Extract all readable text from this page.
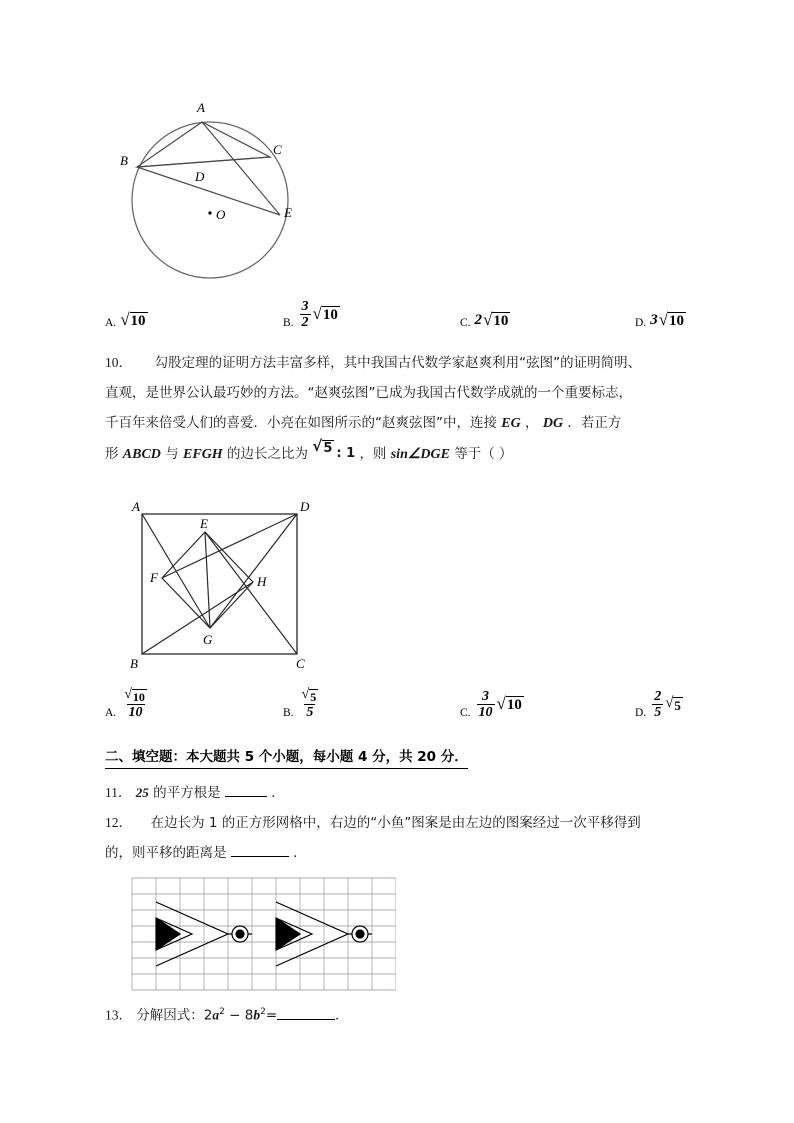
A
B
C
D
O	E
A. √ 10	B. $\frac{3}{2}$ √ 10	C. 2 √ 10	D. 3 √ 10
10． 勾股定理的证明方法丰富多样，其中我国古代数学家赵爽利用“弦图”的证明简明、
直观，是世界公认最巧妙的方法。“赵爽弦图”已成为我国古代数学成就的一个重要标志，
千百年来倍受人们的喜爱．小亮在如图所示的“赵爽弦图”中，连接 EG ， DG ．若正方
形 ABCD 与 EFGH 的边长之比为 √ 5 : 1 ，则 sin∠DGE 等于（ ）
A	D
E
F	H
G
B	C
A. $\frac{√ 10}{10}$	B. $\frac{√ 5}{5}$	C. $\frac{3}{10}$ √ 10	D. $\frac{2}{5}$ √ 5
二、填空题：本大题共 5 个小题，每小题 4 分，共 20 分．
11． 25 的平方根是	．
12． 在边长为 1 的正方形网格中，右边的“小鱼”图案是由左边的图案经过一次平移得到
的，则平移的距离是	．
13． 分解因式：$2a^2 - 8b^2=$	．
